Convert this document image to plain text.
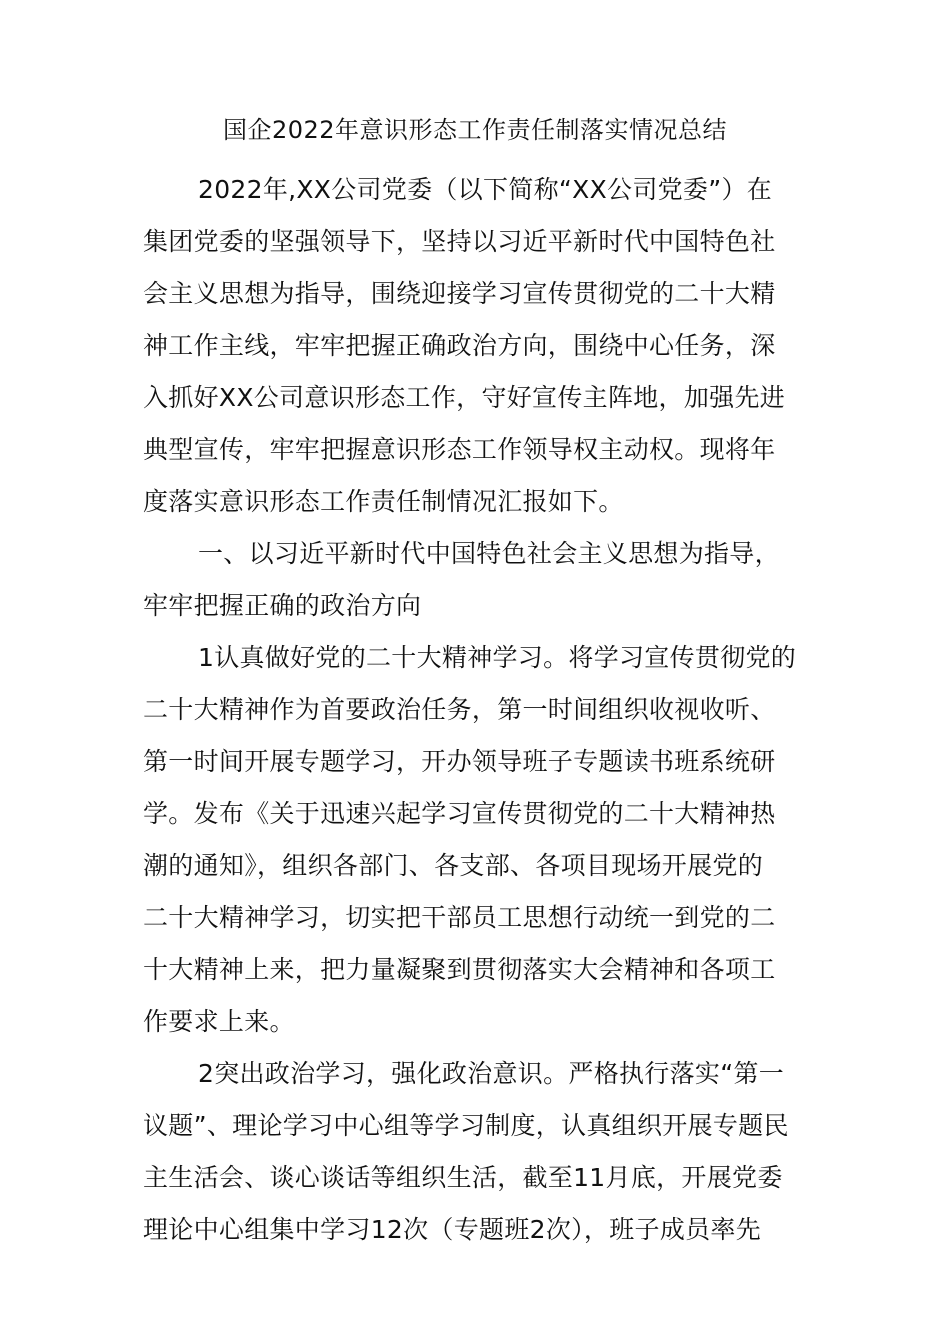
国企2022年意识形态工作责任制落实情况总结
2022年,XX公司党委（以下简称“XX公司党委”）在
集团党委的坚强领导下，坚持以习近平新时代中国特色社
会主义思想为指导，围绕迎接学习宣传贯彻党的二十大精
神工作主线，牢牢把握正确政治方向，围绕中心任务，深
入抓好XX公司意识形态工作，守好宣传主阵地，加强先进
典型宣传，牢牢把握意识形态工作领导权主动权。现将年
度落实意识形态工作责任制情况汇报如下。
一、以习近平新时代中国特色社会主义思想为指导，
牢牢把握正确的政治方向
1认真做好党的二十大精神学习。将学习宣传贯彻党的
二十大精神作为首要政治任务，第一时间组织收视收听、
第一时间开展专题学习，开办领导班子专题读书班系统研
学。发布《关于迅速兴起学习宣传贯彻党的二十大精神热
潮的通知》，组织各部门、各支部、各项目现场开展党的
二十大精神学习，切实把干部员工思想行动统一到党的二
十大精神上来，把力量凝聚到贯彻落实大会精神和各项工
作要求上来。
2突出政治学习，强化政治意识。严格执行落实“第一
议题”、理论学习中心组等学习制度，认真组织开展专题民
主生活会、谈心谈话等组织生活，截至11月底，开展党委
理论中心组集中学习12次（专题班2次），班子成员率先
